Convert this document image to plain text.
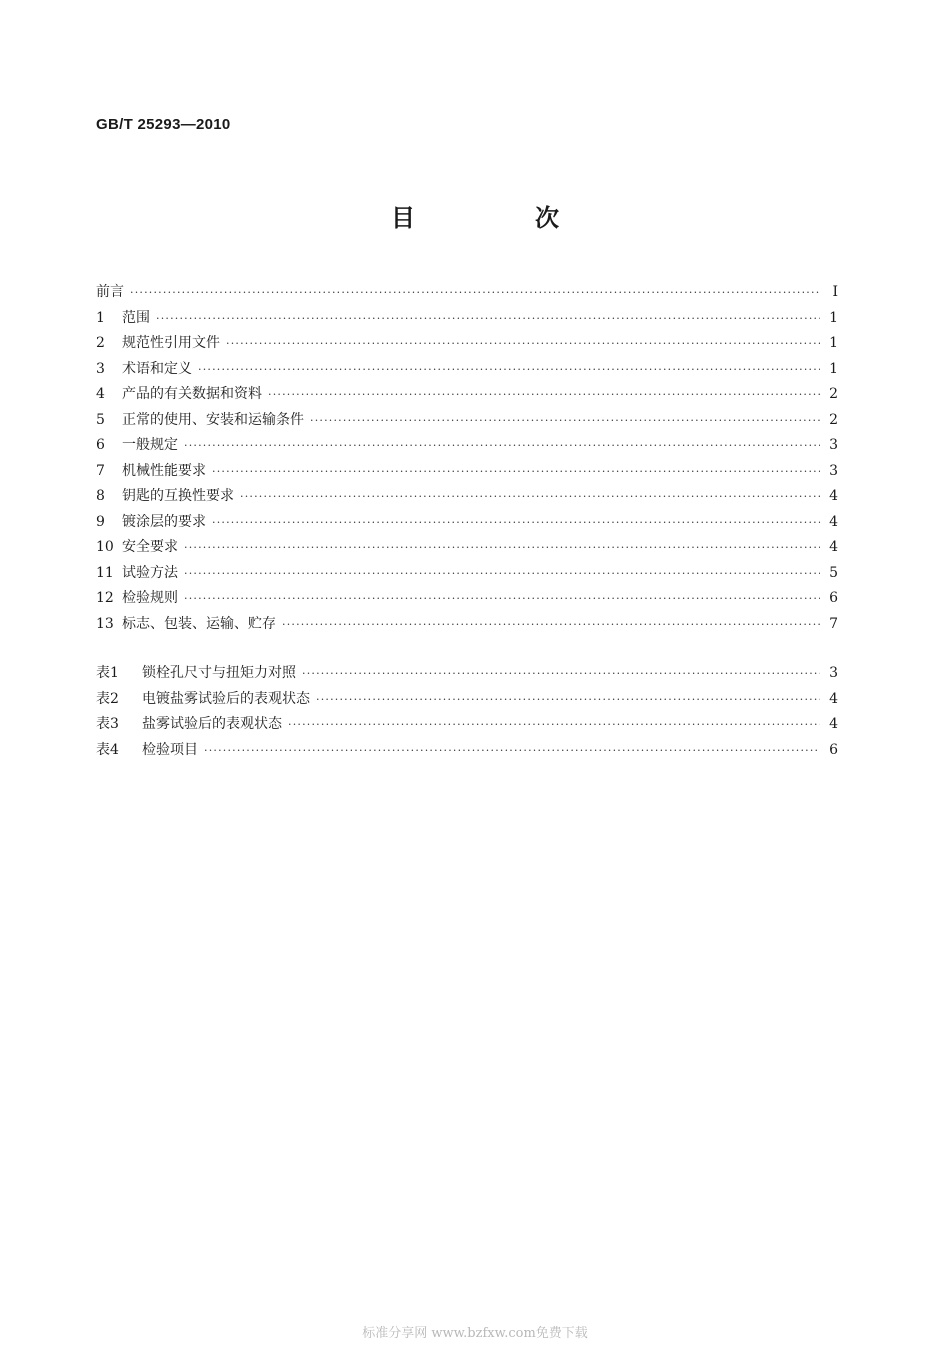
GB/T 25293—2010
目　次
前言 ·····	Ⅰ
1	范围 ·····	1
2	规范性引用文件 ·····	1
3	术语和定义 ·····	1
4	产品的有关数据和资料 ·····	2
5	正常的使用、安装和运输条件 ·····	2
6	一般规定 ·····	3
7	机械性能要求 ·····	3
8	钥匙的互换性要求 ·····	4
9	镀涂层的要求 ·····	4
10 安全要求 ·····	4
11 试验方法 ·····	5
12 检验规则 ·····	6
13 标志、包装、运输、贮存 ·····	7
表1	锁栓孔尺寸与扭矩力对照 ·····	3
表2	电镀盐雾试验后的表观状态 ·····	4
表3	盐雾试验后的表观状态 ·····	4
表4	检验项目 ·····	6
标准分享网 www.bzfxw.com免费下载
